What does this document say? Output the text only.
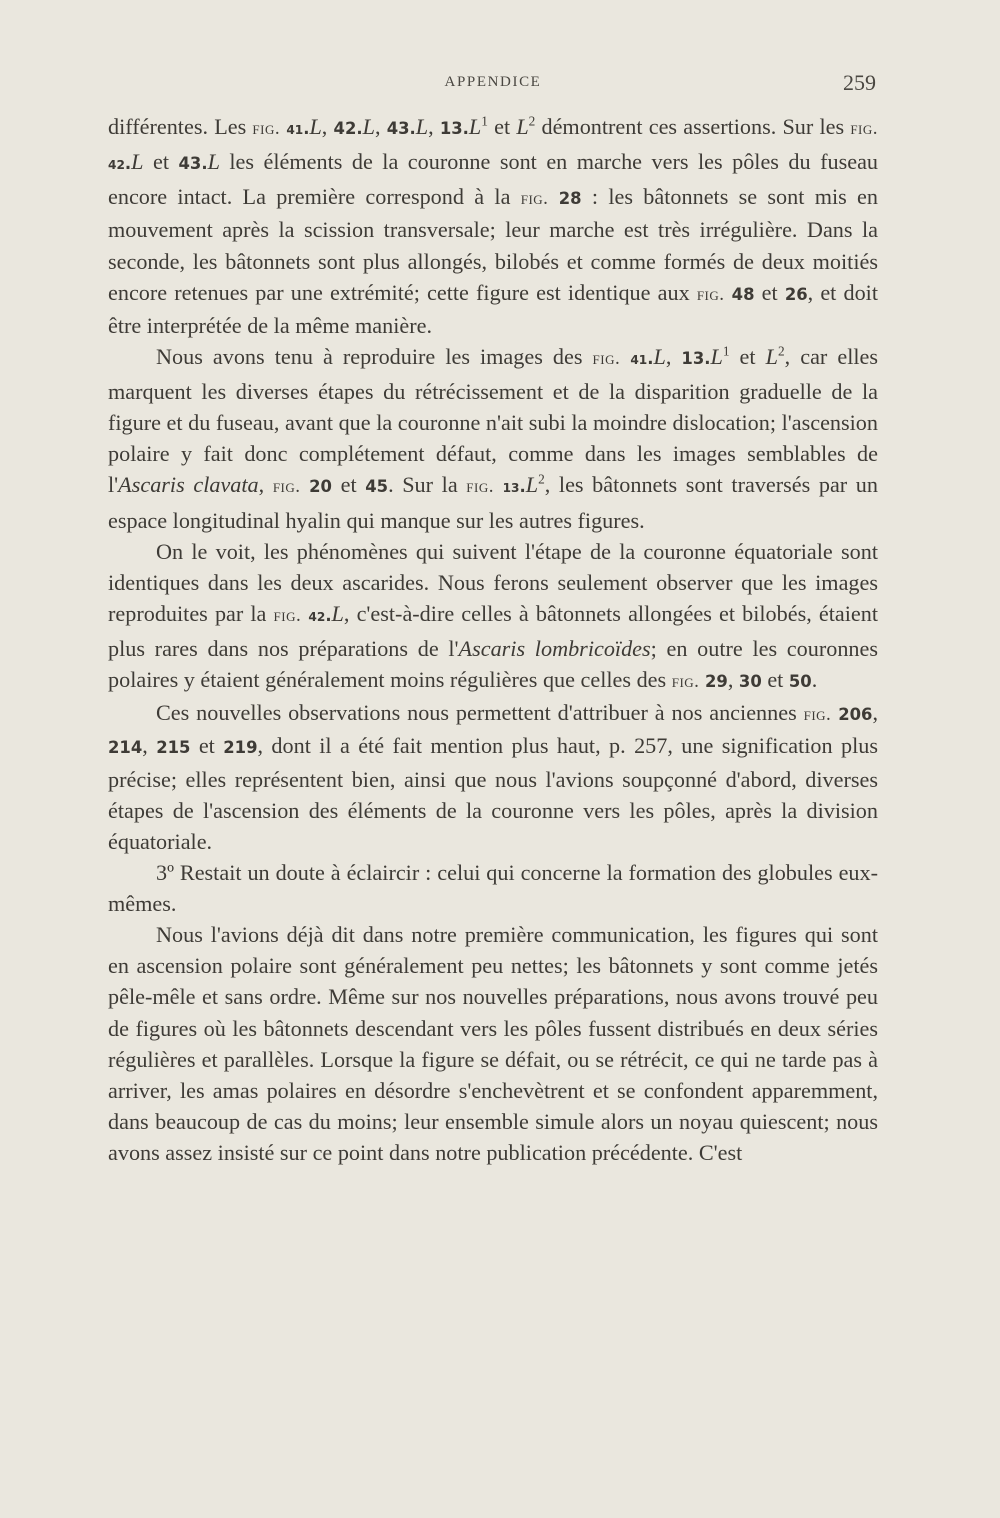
APPENDICE	259

différentes. Les fig. 41.L, 42.L, 43.L, $13.L^1$ et $L^2$ démontrent ces assertions. Sur les fig. 42.L et 43.L les éléments de la couronne sont en marche vers les pôles du fuseau encore intact. La première correspond à la fig. 28 : les bâtonnets se sont mis en mouvement après la scission transversale; leur marche est très irrégulière. Dans la seconde, les bâtonnets sont plus allongés, bilobés et comme formés de deux moitiés encore retenues par une extrémité; cette figure est identique aux fig. 48 et 26, et doit être interprétée de la même manière.

Nous avons tenu à reproduire les images des fig. 41.L, $13.L^1$ et $L^2$, car elles marquent les diverses étapes du rétrécissement et de la disparition graduelle de la figure et du fuseau, avant que la couronne n'ait subi la moindre dislocation; l'ascension polaire y fait donc complétement défaut, comme dans les images semblables de l'Ascaris clavata, fig. 20 et 45. Sur la fig. $13.L^2$, les bâtonnets sont traversés par un espace longitudinal hyalin qui manque sur les autres figures.

On le voit, les phénomènes qui suivent l'étape de la couronne équatoriale sont identiques dans les deux ascarides. Nous ferons seulement observer que les images reproduites par la fig. 42.L, c'est-à-dire celles à bâtonnets allongées et bilobés, étaient plus rares dans nos préparations de l'Ascaris lombricoïdes; en outre les couronnes polaires y étaient généralement moins régulières que celles des fig. 29, 30 et 50.

Ces nouvelles observations nous permettent d'attribuer à nos anciennes fig. 206, 214, 215 et 219, dont il a été fait mention plus haut, p. 257, une signification plus précise; elles représentent bien, ainsi que nous l'avions soupçonné d'abord, diverses étapes de l'ascension des éléments de la couronne vers les pôles, après la division équatoriale.

3º Restait un doute à éclaircir : celui qui concerne la formation des globules eux-mêmes.

Nous l'avions déjà dit dans notre première communication, les figures qui sont en ascension polaire sont généralement peu nettes; les bâtonnets y sont comme jetés pêle-mêle et sans ordre. Même sur nos nouvelles préparations, nous avons trouvé peu de figures où les bâtonnets descendant vers les pôles fussent distribués en deux séries régulières et parallèles. Lorsque la figure se défait, ou se rétrécit, ce qui ne tarde pas à arriver, les amas polaires en désordre s'enchevètrent et se confondent apparemment, dans beaucoup de cas du moins; leur ensemble simule alors un noyau quiescent; nous avons assez insisté sur ce point dans notre publication précédente. C'est
